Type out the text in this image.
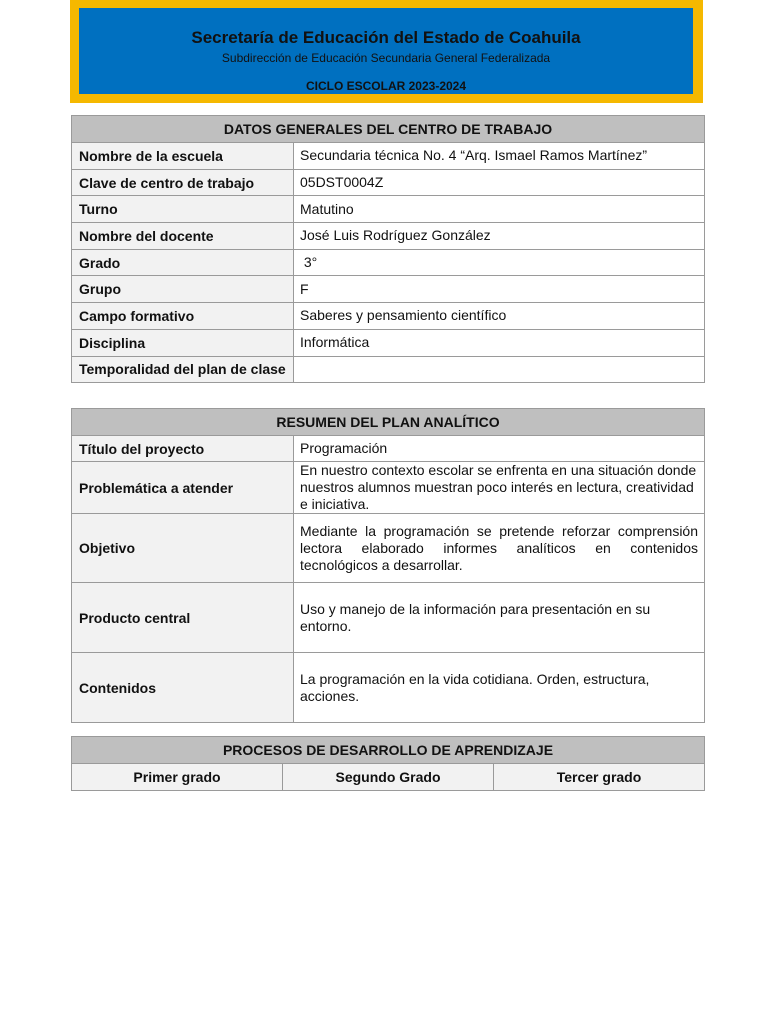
Secretaría de Educación del Estado de Coahuila
Subdirección de Educación Secundaria General Federalizada
CICLO ESCOLAR 2023-2024
DATOS GENERALES DEL CENTRO DE TRABAJO	
Nombre de la escuela	Secundaria técnica No. 4 “Arq. Ismael Ramos Martínez”
Clave de centro de trabajo	05DST0004Z
Turno	Matutino
Nombre del docente	José Luis Rodríguez González
Grado	3°
Grupo	F
Campo formativo	Saberes y pensamiento científico
Disciplina	Informática
Temporalidad del plan de clase	
RESUMEN DEL PLAN ANALÍTICO	
Título del proyecto	Programación
Problemática a atender	En nuestro contexto escolar se enfrenta en una situación donde nuestros alumnos muestran poco interés en lectura, creatividad e iniciativa.
Objetivo	Mediante la programación se pretende reforzar comprensión lectora elaborado informes analíticos en contenidos tecnológicos a desarrollar.
Producto central	Uso y manejo de la información para presentación en su entorno.
Contenidos	La programación en la vida cotidiana. Orden, estructura, acciones.
PROCESOS DE DESARROLLO DE APRENDIZAJE
Primer grado	Segundo Grado	Tercer grado
